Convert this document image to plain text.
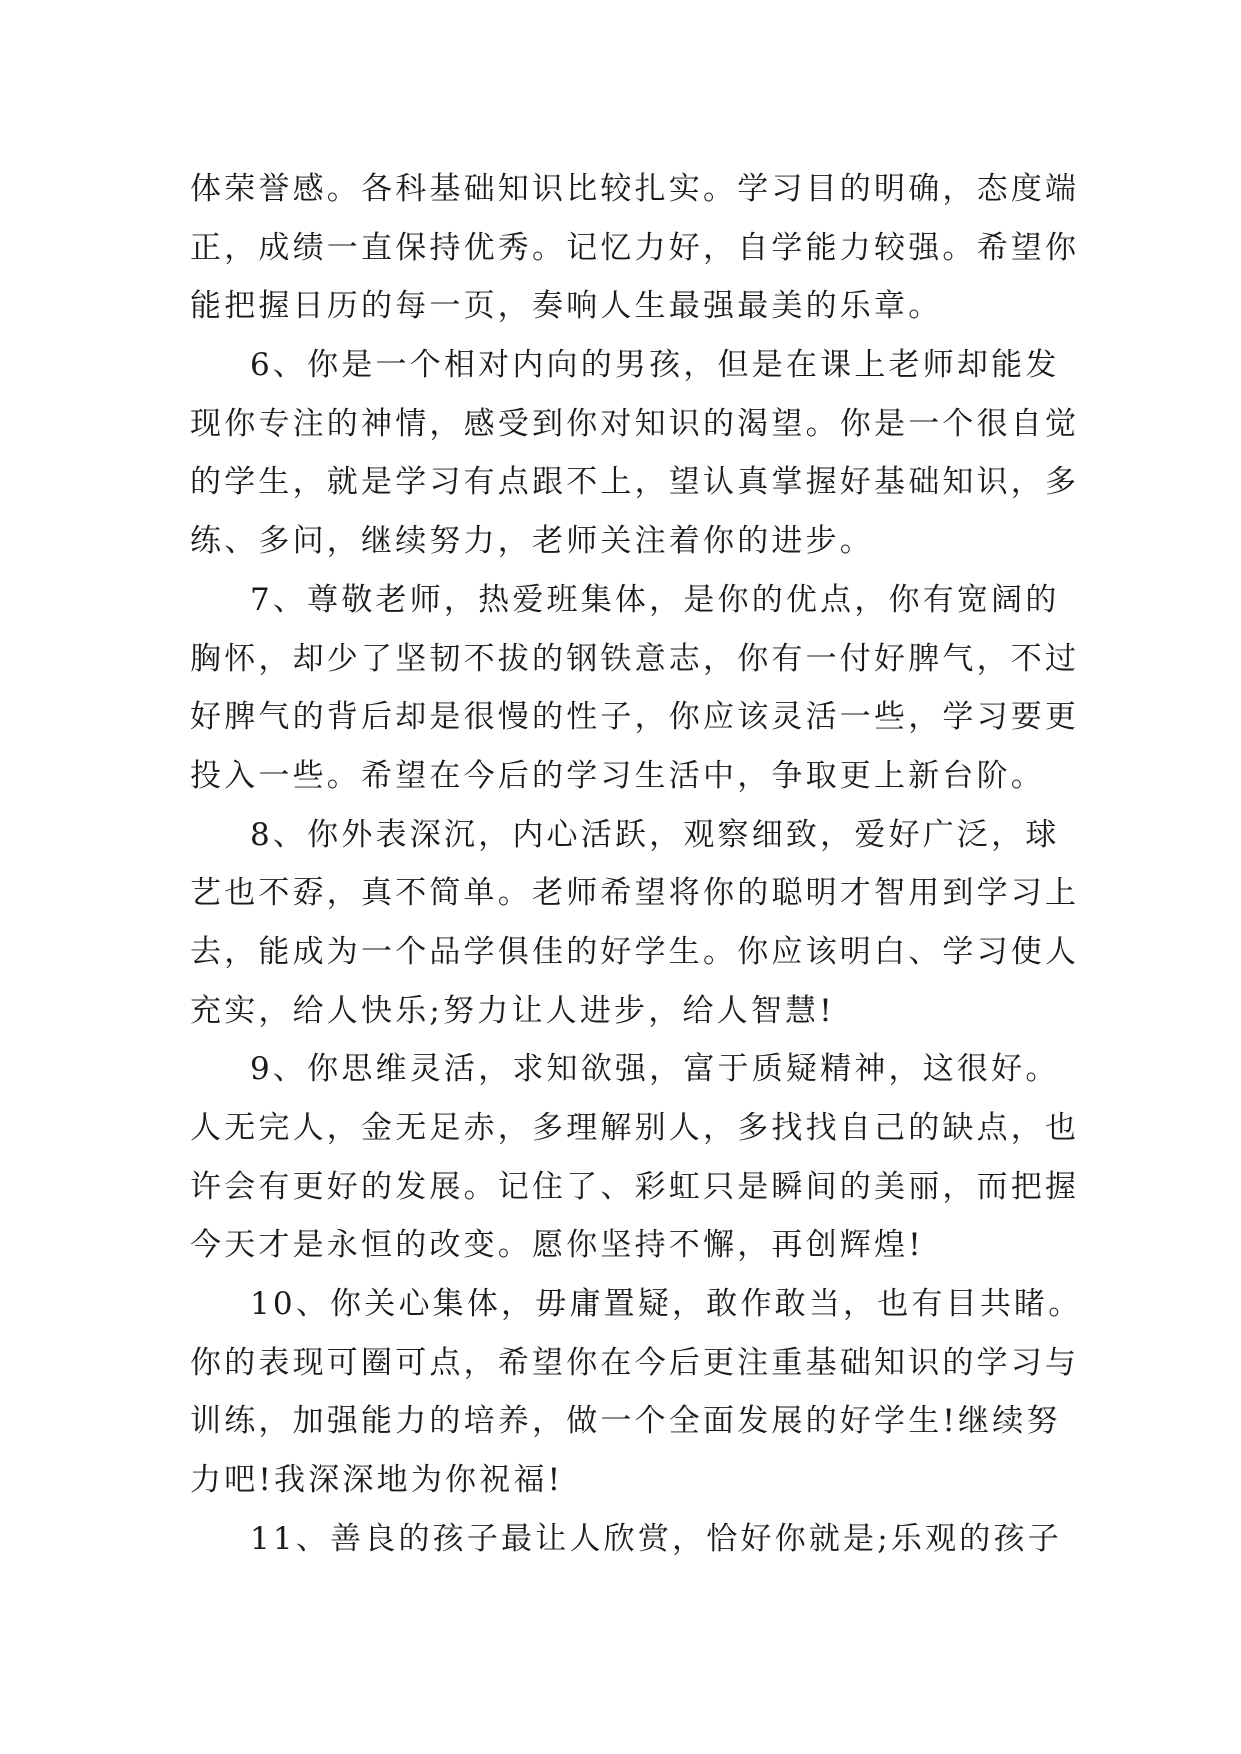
体荣誉感。各科基础知识比较扎实。学习目的明确，态度端
正，成绩一直保持优秀。记忆力好，自学能力较强。希望你
能把握日历的每一页，奏响人生最强最美的乐章。
6、你是一个相对内向的男孩，但是在课上老师却能发
现你专注的神情，感受到你对知识的渴望。你是一个很自觉
的学生，就是学习有点跟不上，望认真掌握好基础知识，多
练、多问，继续努力，老师关注着你的进步。
7、尊敬老师，热爱班集体，是你的优点，你有宽阔的
胸怀，却少了坚韧不拔的钢铁意志，你有一付好脾气，不过
好脾气的背后却是很慢的性子，你应该灵活一些，学习要更
投入一些。希望在今后的学习生活中，争取更上新台阶。
8、你外表深沉，内心活跃，观察细致，爱好广泛，球
艺也不孬，真不简单。老师希望将你的聪明才智用到学习上
去，能成为一个品学俱佳的好学生。你应该明白、学习使人
充实，给人快乐;努力让人进步，给人智慧!
9、你思维灵活，求知欲强，富于质疑精神，这很好。
人无完人，金无足赤，多理解别人，多找找自己的缺点，也
许会有更好的发展。记住了、彩虹只是瞬间的美丽，而把握
今天才是永恒的改变。愿你坚持不懈，再创辉煌!
10、你关心集体，毋庸置疑，敢作敢当，也有目共睹。
你的表现可圈可点，希望你在今后更注重基础知识的学习与
训练，加强能力的培养，做一个全面发展的好学生!继续努
力吧!我深深地为你祝福!
11、善良的孩子最让人欣赏，恰好你就是;乐观的孩子
